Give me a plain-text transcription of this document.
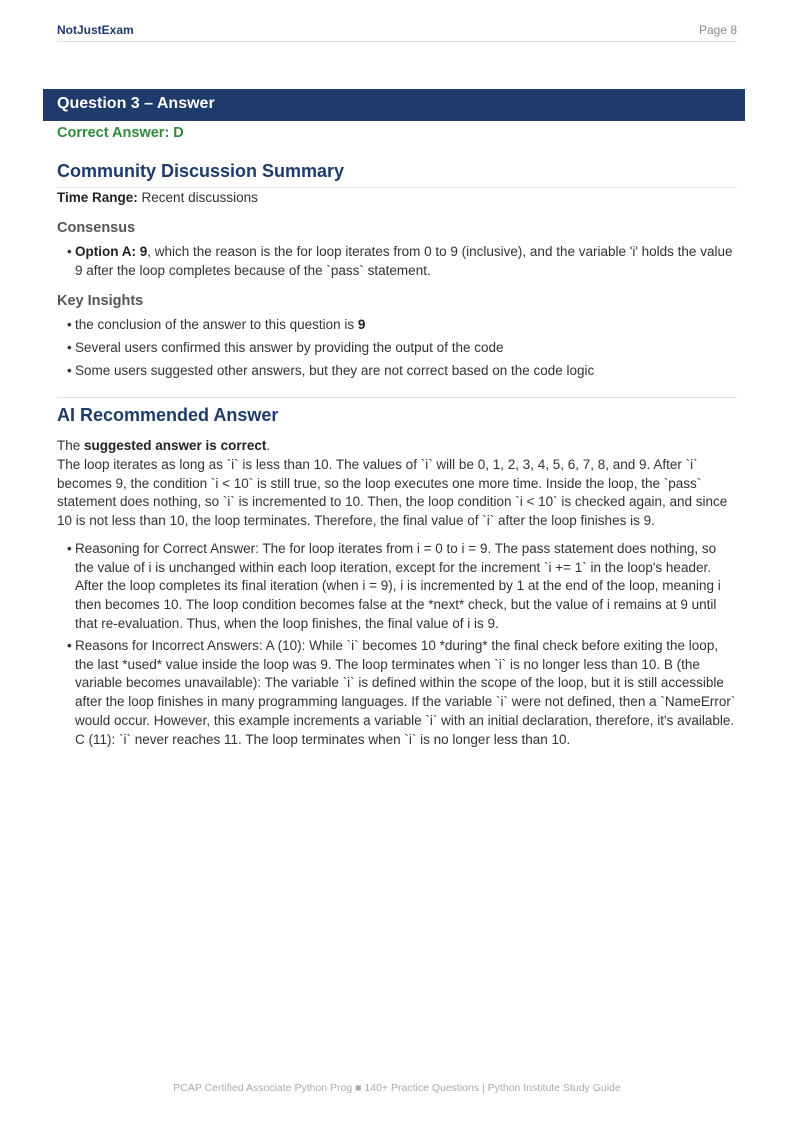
NotJustExam	Page 8
Question 3 – Answer
Correct Answer: D
Community Discussion Summary
Time Range: Recent discussions
Consensus
• Option A: 9, which the reason is the for loop iterates from 0 to 9 (inclusive), and the variable 'i' holds the value 9 after the loop completes because of the `pass` statement.
Key Insights
• the conclusion of the answer to this question is 9
• Several users confirmed this answer by providing the output of the code
• Some users suggested other answers, but they are not correct based on the code logic
AI Recommended Answer
The suggested answer is correct.
The loop iterates as long as `i` is less than 10. The values of `i` will be 0, 1, 2, 3, 4, 5, 6, 7, 8, and 9. After `i` becomes 9, the condition `i < 10` is still true, so the loop executes one more time. Inside the loop, the `pass` statement does nothing, so `i` is incremented to 10. Then, the loop condition `i < 10` is checked again, and since 10 is not less than 10, the loop terminates. Therefore, the final value of `i` after the loop finishes is 9.
• Reasoning for Correct Answer: The for loop iterates from i = 0 to i = 9. The pass statement does nothing, so the value of i is unchanged within each loop iteration, except for the increment `i += 1` in the loop's header. After the loop completes its final iteration (when i = 9), i is incremented by 1 at the end of the loop, meaning i then becomes 10. The loop condition becomes false at the *next* check, but the value of i remains at 9 until that re-evaluation. Thus, when the loop finishes, the final value of i is 9.
• Reasons for Incorrect Answers: A (10): While `i` becomes 10 *during* the final check before exiting the loop, the last *used* value inside the loop was 9. The loop terminates when `i` is no longer less than 10. B (the variable becomes unavailable): The variable `i` is defined within the scope of the loop, but it is still accessible after the loop finishes in many programming languages. If the variable `i` were not defined, then a `NameError` would occur. However, this example increments a variable `i` with an initial declaration, therefore, it's available. C (11): `i` never reaches 11. The loop terminates when `i` is no longer less than 10.
PCAP Certified Associate Python Prog ■ 140+ Practice Questions | Python Institute Study Guide
